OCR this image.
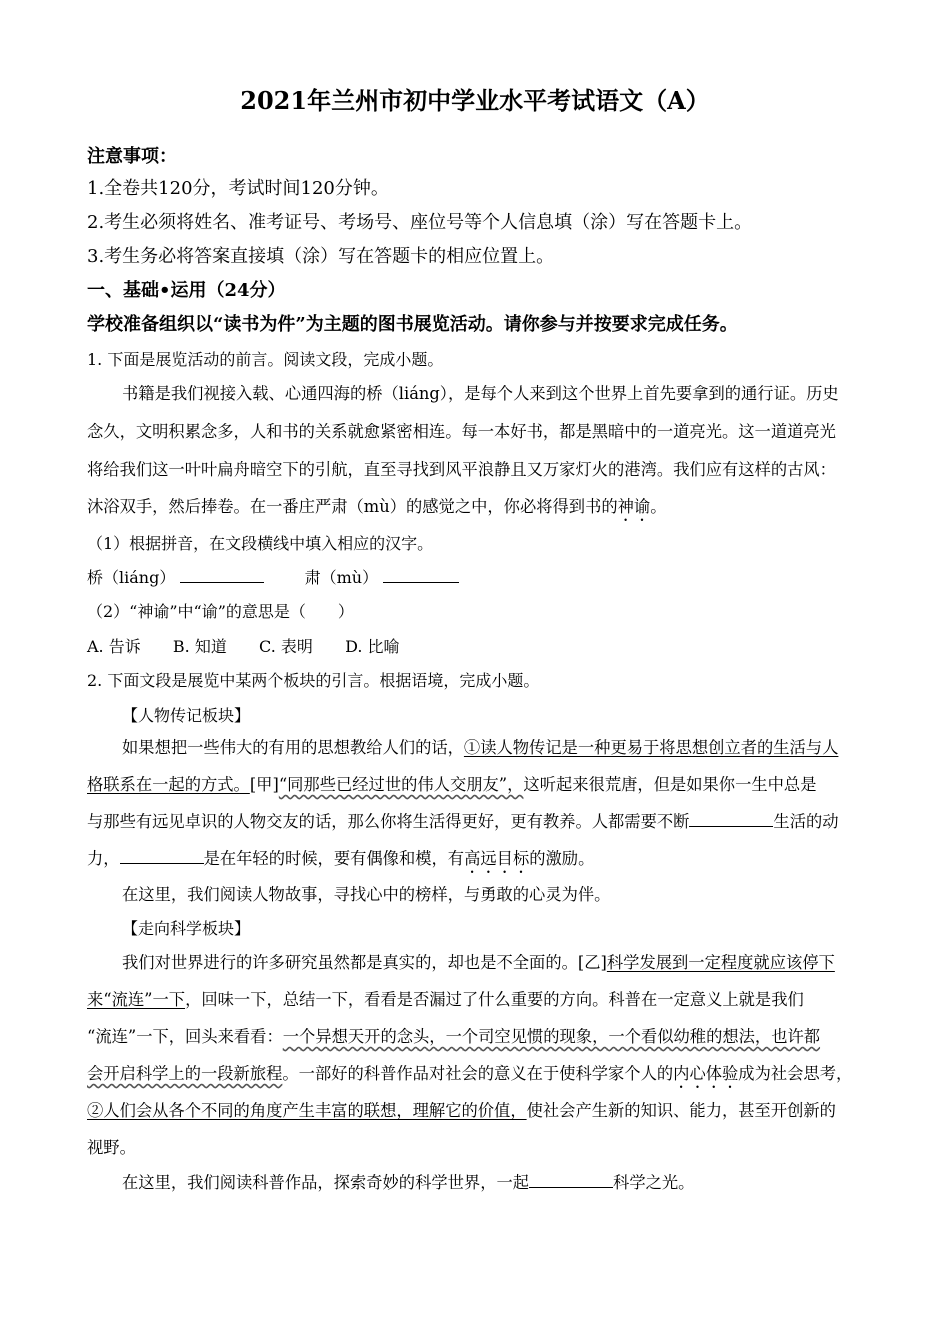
2021年兰州市初中学业水平考试语文（A）
注意事项：
1.全卷共120分，考试时间120分钟。
2.考生必须将姓名、准考证号、考场号、座位号等个人信息填（涂）写在答题卡上。
3.考生务必将答案直接填（涂）写在答题卡的相应位置上。
一、基础•运用（24分）
学校准备组织以“读书为件”为主题的图书展览活动。请你参与并按要求完成任务。
1. 下面是展览活动的前言。阅读文段，完成小题。
书籍是我们视接入载、心通四海的桥（liáng），是每个人来到这个世界上首先要拿到的通行证。历史
念久，文明积累念多，人和书的关系就愈紧密相连。每一本好书，都是黑暗中的一道亮光。这一道道亮光
将给我们这一叶叶扁舟暗空下的引航，直至寻找到风平浪静且又万家灯火的港湾。我们应有这样的古风：
沐浴双手，然后捧卷。在一番庄严肃（mù）的感觉之中，你必将得到书的神谕。
（1）根据拼音，在文段横线中填入相应的汉字。
桥（liáng）	肃（mù）
（2）“神谕”中“谕”的意思是（　　）
A. 告诉 B. 知道 C. 表明 D. 比喻
2. 下面文段是展览中某两个板块的引言。根据语境，完成小题。
【人物传记板块】
如果想把一些伟大的有用的思想教给人们的话，①读人物传记是一种更易于将思想创立者的生活与人
格联系在一起的方式。[甲]“同那些已经过世的伟人交朋友”，这听起来很荒唐，但是如果你一生中总是
与那些有远见卓识的人物交友的话，那么你将生活得更好，更有教养。人都需要不断	生活的动
力，	是在年轻的时候，要有偶像和模，有高远目标的激励。
在这里，我们阅读人物故事，寻找心中的榜样，与勇敢的心灵为伴。
【走向科学板块】
我们对世界进行的许多研究虽然都是真实的，却也是不全面的。[乙]科学发展到一定程度就应该停下
来“流连”一下，回味一下，总结一下，看看是否漏过了什么重要的方向。科普在一定意义上就是我们
“流连”一下，回头来看看：一个异想天开的念头，一个司空见惯的现象，一个看似幼稚的想法，也许都
会开启科学上的一段新旅程。一部好的科普作品对社会的意义在于使科学家个人的内心体验成为社会思考，
②人们会从各个不同的角度产生丰富的联想，理解它的价值，使社会产生新的知识、能力，甚至开创新的
视野。
在这里，我们阅读科普作品，探索奇妙的科学世界，一起	科学之光。
